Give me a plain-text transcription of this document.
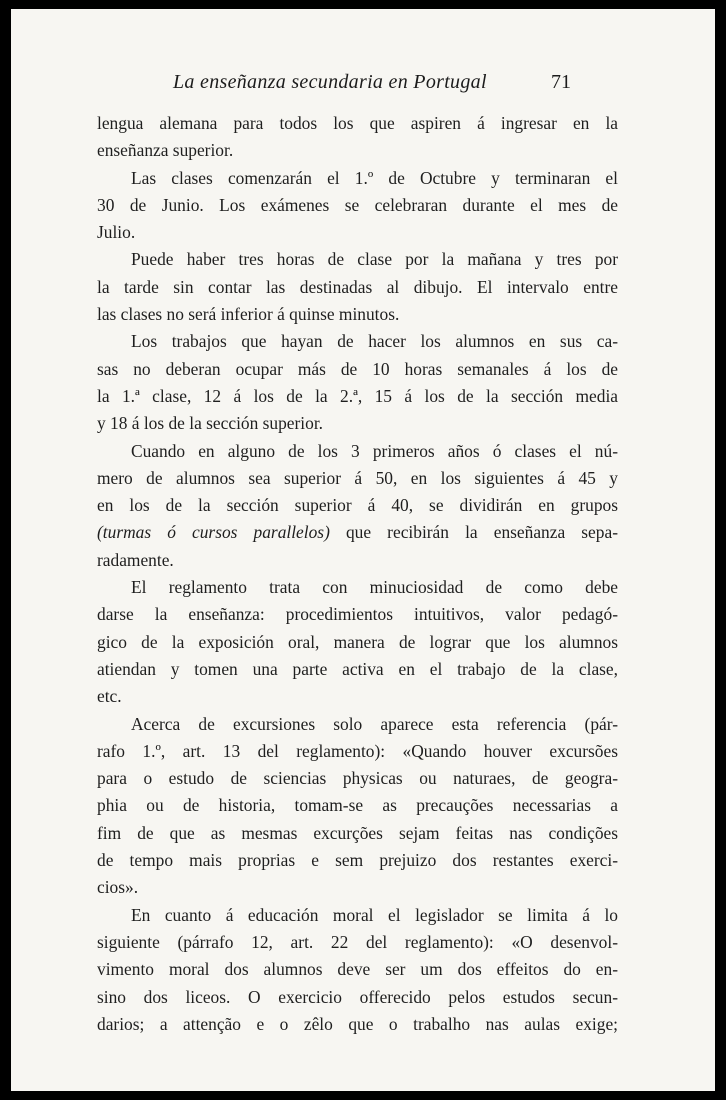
La enseñanza secundaria en Portugal	71

lengua alemana para todos los que aspiren á ingresar en la

enseñanza superior.

Las clases comenzarán el 1.º de Octubre y terminaran el

30 de Junio. Los exámenes se celebraran durante el mes de

Julio.

Puede haber tres horas de clase por la mañana y tres por

la tarde sin contar las destinadas al dibujo. El intervalo entre

las clases no será inferior á quinse minutos.

Los trabajos que hayan de hacer los alumnos en sus ca-

sas no deberan ocupar más de 10 horas semanales á los de

la 1.ª clase, 12 á los de la 2.ª, 15 á los de la sección media

y 18 á los de la sección superior.

Cuando en alguno de los 3 primeros años ó clases el nú-

mero de alumnos sea superior á 50, en los siguientes á 45 y

en los de la sección superior á 40, se dividirán en grupos

(turmas ó cursos parallelos) que recibirán la enseñanza sepa-

radamente.

El reglamento trata con minuciosidad de como debe

darse la enseñanza: procedimientos intuitivos, valor pedagó-

gico de la exposición oral, manera de lograr que los alumnos

atiendan y tomen una parte activa en el trabajo de la clase,

etc.

Acerca de excursiones solo aparece esta referencia (pár-

rafo 1.º, art. 13 del reglamento): «Quando houver excursões

para o estudo de sciencias physicas ou naturaes, de geogra-

phia ou de historia, tomam-se as precauções necessarias a

fim de que as mesmas excurções sejam feitas nas condições

de tempo mais proprias e sem prejuizo dos restantes exerci-

cios».

En cuanto á educación moral el legislador se limita á lo

siguiente (párrafo 12, art. 22 del reglamento): «O desenvol-

vimento moral dos alumnos deve ser um dos effeitos do en-

sino dos liceos. O exercicio offerecido pelos estudos secun-

darios; a attenção e o zêlo que o trabalho nas aulas exige;
